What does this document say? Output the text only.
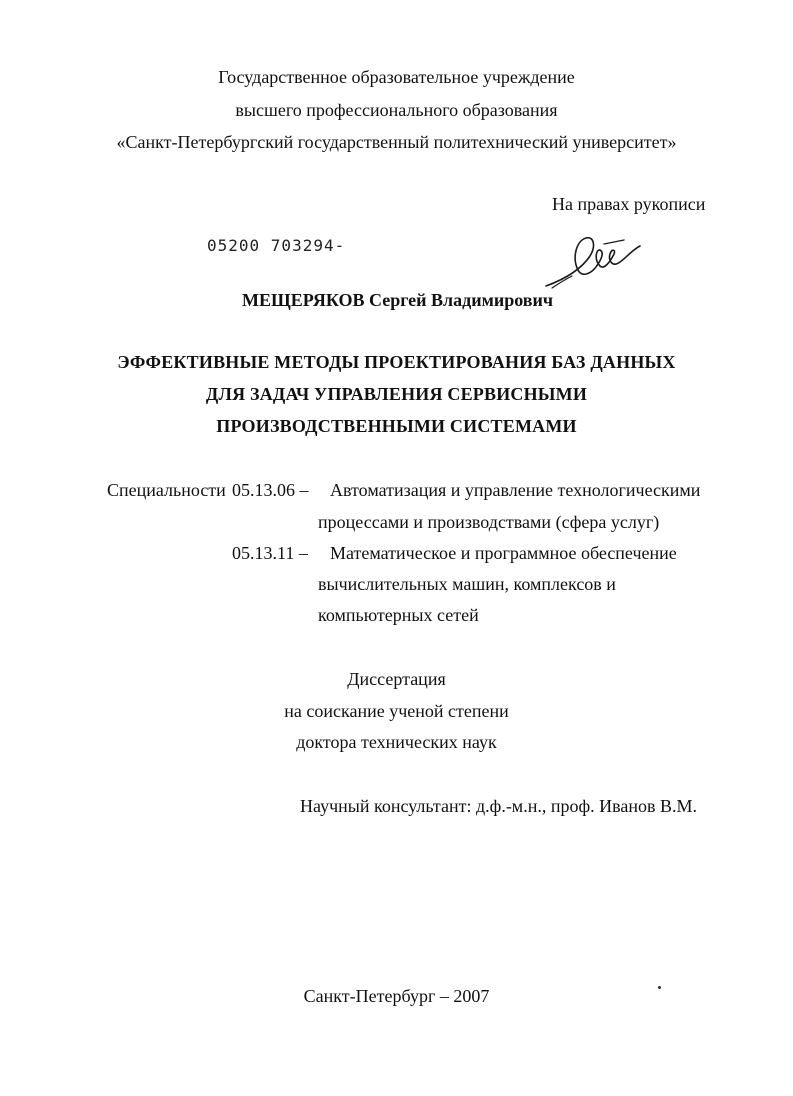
Государственное образовательное учреждение
высшего профессионального образования
«Санкт-Петербургский государственный политехнический университет»
На правах рукописи
05200 703294-
МЕЩЕРЯКОВ Сергей Владимирович
ЭФФЕКТИВНЫЕ МЕТОДЫ ПРОЕКТИРОВАНИЯ БАЗ ДАННЫХ
ДЛЯ ЗАДАЧ УПРАВЛЕНИЯ СЕРВИСНЫМИ
ПРОИЗВОДСТВЕННЫМИ СИСТЕМАМИ
Специальности 05.13.06 – Автоматизация и управление технологическими
процессами и производствами (сфера услуг)
05.13.11 – Математическое и программное обеспечение
вычислительных машин, комплексов и
компьютерных сетей
Диссертация
на соискание ученой степени
доктора технических наук
Научный консультант: д.ф.-м.н., проф. Иванов В.М.
Санкт-Петербург – 2007
